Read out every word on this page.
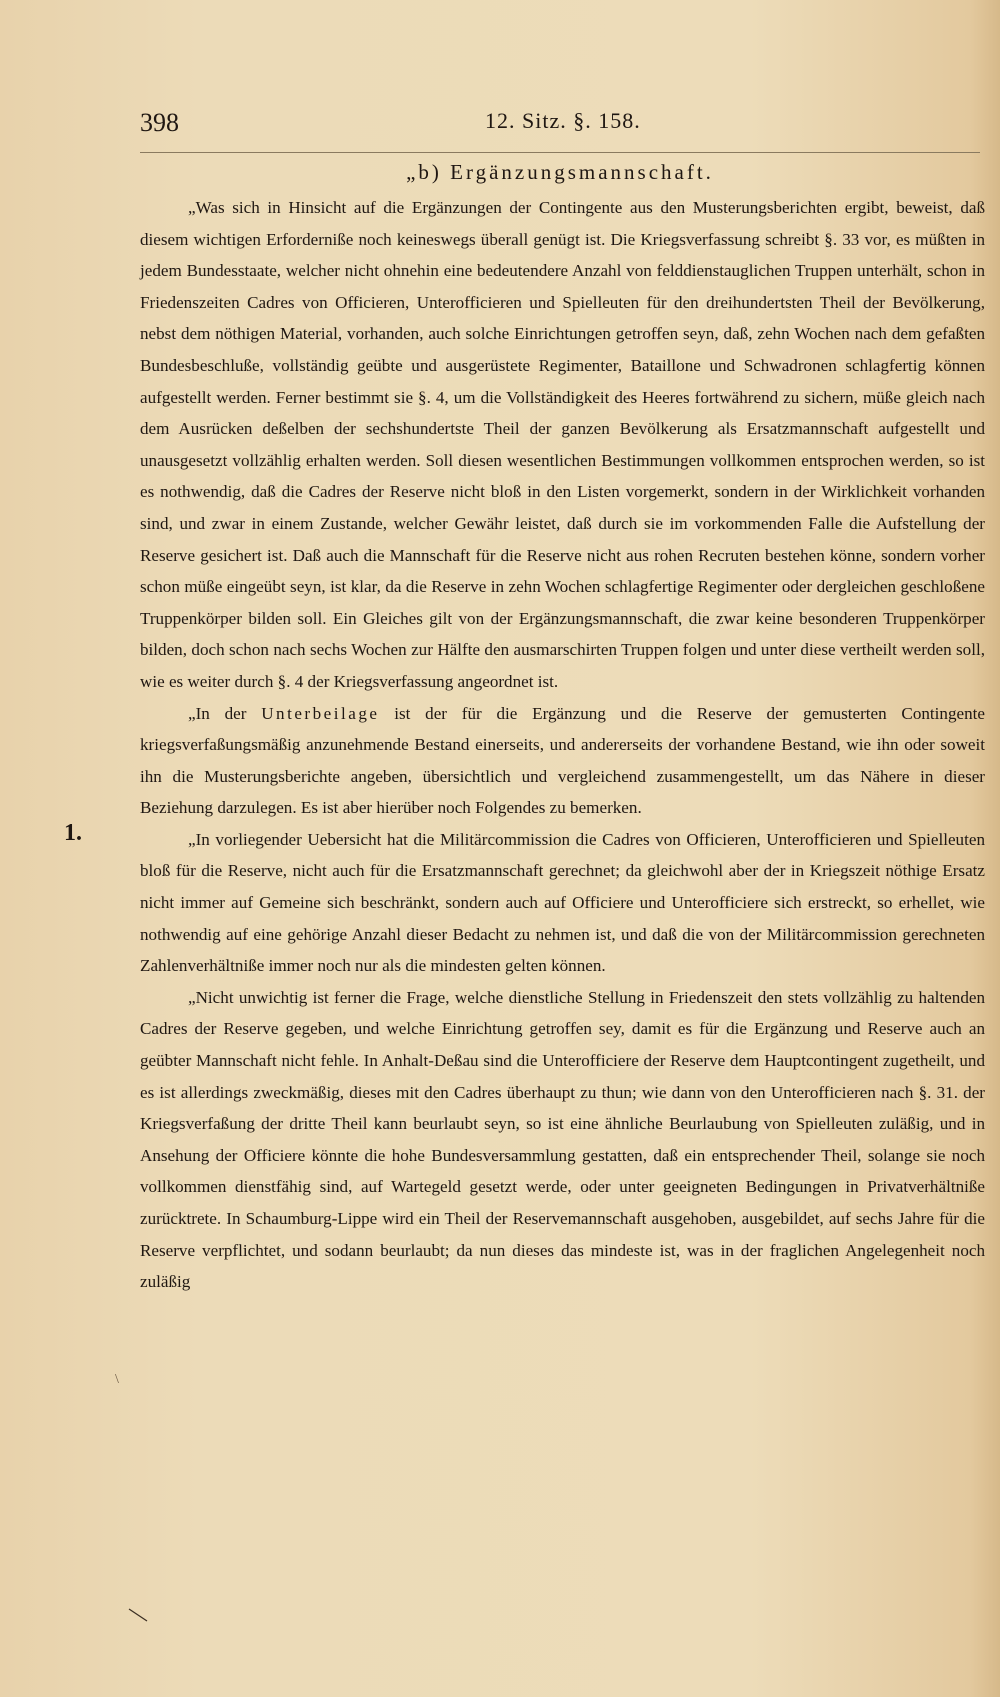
398	12. Sitz. §. 158.
„b) Ergänzungsmannschaft.
1.
\

„Was sich in Hinsicht auf die Ergänzungen der Contingente aus den Musterungsberichten ergibt, beweist, daß diesem wichtigen Erforderniße noch keineswegs überall genügt ist. Die Kriegsverfassung schreibt §. 33 vor, es müßten in jedem Bundesstaate, welcher nicht ohnehin eine bedeutendere Anzahl von felddienstauglichen Truppen unterhält, schon in Friedenszeiten Cadres von Officieren, Unterofficieren und Spielleuten für den dreihundertsten Theil der Bevölkerung, nebst dem nöthigen Material, vorhanden, auch solche Einrichtungen getroffen seyn, daß, zehn Wochen nach dem gefaßten Bundesbeschluße, vollständig geübte und ausgerüstete Regimenter, Bataillone und Schwadronen schlagfertig können aufgestellt werden. Ferner bestimmt sie §. 4, um die Vollständigkeit des Heeres fortwährend zu sichern, müße gleich nach dem Ausrücken deßelben der sechshundertste Theil der ganzen Bevölkerung als Ersatzmannschaft aufgestellt und unausgesetzt vollzählig erhalten werden. Soll diesen wesentlichen Bestimmungen vollkommen entsprochen werden, so ist es nothwendig, daß die Cadres der Reserve nicht bloß in den Listen vorgemerkt, sondern in der Wirklichkeit vorhanden sind, und zwar in einem Zustande, welcher Gewähr leistet, daß durch sie im vorkommenden Falle die Aufstellung der Reserve gesichert ist. Daß auch die Mannschaft für die Reserve nicht aus rohen Recruten bestehen könne, sondern vorher schon müße eingeübt seyn, ist klar, da die Reserve in zehn Wochen schlagfertige Regimenter oder dergleichen geschloßene Truppenkörper bilden soll. Ein Gleiches gilt von der Ergänzungsmannschaft, die zwar keine besonderen Truppenkörper bilden, doch schon nach sechs Wochen zur Hälfte den ausmarschirten Truppen folgen und unter diese vertheilt werden soll, wie es weiter durch §. 4 der Kriegsverfassung angeordnet ist.

„In der Unterbeilage ist der für die Ergänzung und die Reserve der gemusterten Contingente kriegsverfaßungsmäßig anzunehmende Bestand einerseits, und andererseits der vorhandene Bestand, wie ihn oder soweit ihn die Musterungsberichte angeben, übersichtlich und vergleichend zusammengestellt, um das Nähere in dieser Beziehung darzulegen. Es ist aber hierüber noch Folgendes zu bemerken.

„In vorliegender Uebersicht hat die Militärcommission die Cadres von Officieren, Unterofficieren und Spielleuten bloß für die Reserve, nicht auch für die Ersatzmannschaft gerechnet; da gleichwohl aber der in Kriegszeit nöthige Ersatz nicht immer auf Gemeine sich beschränkt, sondern auch auf Officiere und Unterofficiere sich erstreckt, so erhellet, wie nothwendig auf eine gehörige Anzahl dieser Bedacht zu nehmen ist, und daß die von der Militärcommission gerechneten Zahlenverhältniße immer noch nur als die mindesten gelten können.

„Nicht unwichtig ist ferner die Frage, welche dienstliche Stellung in Friedenszeit den stets vollzählig zu haltenden Cadres der Reserve gegeben, und welche Einrichtung getroffen sey, damit es für die Ergänzung und Reserve auch an geübter Mannschaft nicht fehle. In Anhalt-Deßau sind die Unterofficiere der Reserve dem Hauptcontingent zugetheilt, und es ist allerdings zweckmäßig, dieses mit den Cadres überhaupt zu thun; wie dann von den Unterofficieren nach §. 31. der Kriegsverfaßung der dritte Theil kann beurlaubt seyn, so ist eine ähnliche Beurlaubung von Spielleuten zuläßig, und in Ansehung der Officiere könnte die hohe Bundesversammlung gestatten, daß ein entsprechender Theil, solange sie noch vollkommen dienstfähig sind, auf Wartegeld gesetzt werde, oder unter geeigneten Bedingungen in Privatverhältniße zurücktrete. In Schaumburg-Lippe wird ein Theil der Reservemannschaft ausgehoben, ausgebildet, auf sechs Jahre für die Reserve verpflichtet, und sodann beurlaubt; da nun dieses das mindeste ist, was in der fraglichen Angelegenheit noch zuläßig
